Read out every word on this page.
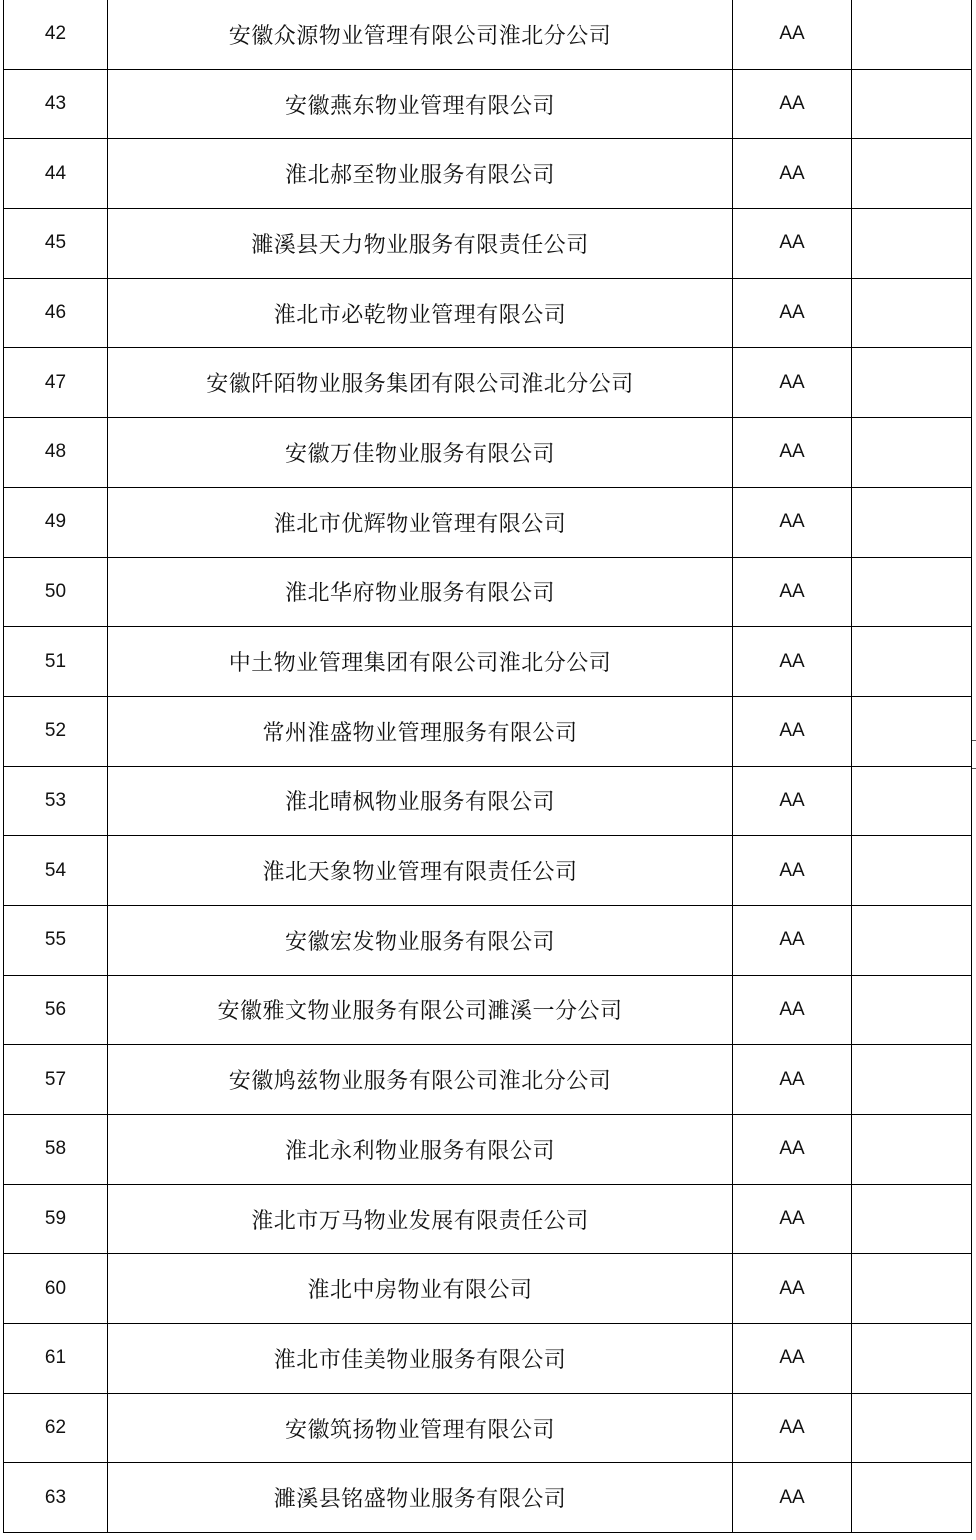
42	安徽众源物业管理有限公司淮北分公司	AA	
43	安徽燕东物业管理有限公司	AA	
44	淮北郝至物业服务有限公司	AA	
45	濉溪县天力物业服务有限责任公司	AA	
46	淮北市必乾物业管理有限公司	AA	
47	安徽阡陌物业服务集团有限公司淮北分公司	AA	
48	安徽万佳物业服务有限公司	AA	
49	淮北市优辉物业管理有限公司	AA	
50	淮北华府物业服务有限公司	AA	
51	中土物业管理集团有限公司淮北分公司	AA	
52	常州淮盛物业管理服务有限公司	AA	
53	淮北晴枫物业服务有限公司	AA	
54	淮北天象物业管理有限责任公司	AA	
55	安徽宏发物业服务有限公司	AA	
56	安徽雅文物业服务有限公司濉溪一分公司	AA	
57	安徽鸠兹物业服务有限公司淮北分公司	AA	
58	淮北永利物业服务有限公司	AA	
59	淮北市万马物业发展有限责任公司	AA	
60	淮北中房物业有限公司	AA	
61	淮北市佳美物业服务有限公司	AA	
62	安徽筑扬物业管理有限公司	AA	
63	濉溪县铭盛物业服务有限公司	AA	
